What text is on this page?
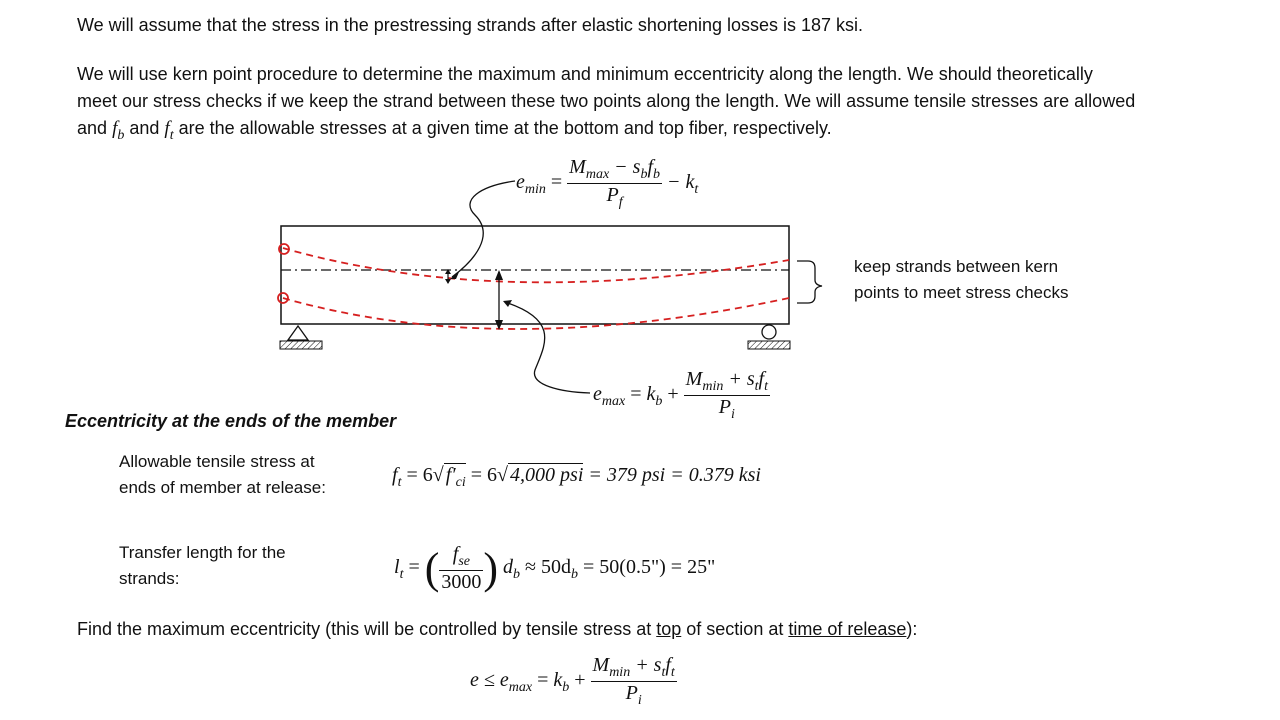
We will assume that the stress in the prestressing strands after elastic shortening losses is 187 ksi.
We will use kern point procedure to determine the maximum and minimum eccentricity along the length. We should theoretically
meet our stress checks if we keep the strand between these two points along the length. We will assume tensile stresses are allowed
and $f_b$ and $f_t$ are the allowable stresses at a given time at the bottom and top fiber, respectively.
$e_{min} = \frac{M_{max} - s_bf_b}{P_f} - k_t$
keep strands between kern
points to meet stress checks
$e_{max} = k_b + \frac{M_{min} + s_tf_t}{P_i}$
Eccentricity at the ends of the member
Allowable tensile stress at
ends of member at release:
$f_t = 6√$ $f'_{ci} = 6√$ 4,000 psi = 379 psi = 0.379 ksi
Transfer length for the
strands:
$l_t$ = ( $\frac{f_{se}}{3000}$ ) $d_b \approx 50d_b$ = 50(0.5") = 25"
Find the maximum eccentricity (this will be controlled by tensile stress at top of section at time of release):
$e \le e_{max} = k_b + \frac{M_{min} + s_tf_t}{P_i}$
